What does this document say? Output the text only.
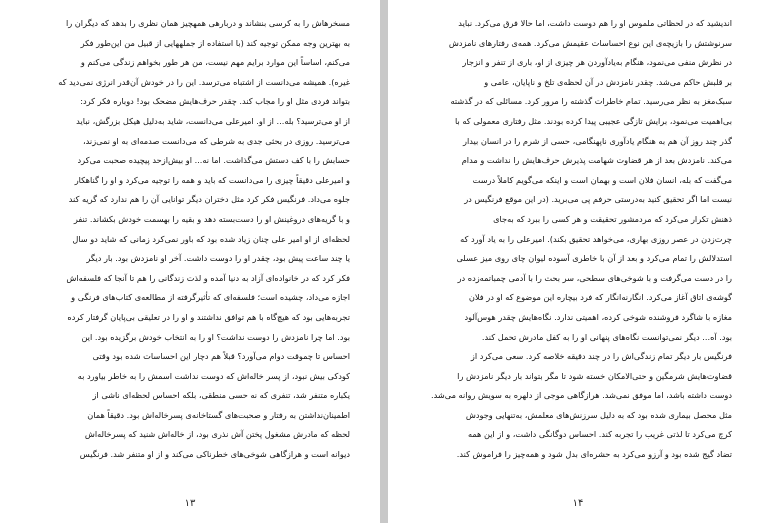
مسخرهاش را به کرسی بنشاند و دربارهی همهچیز همان نظری را بدهد که دیگران را
به بهترین وجه ممکن توجیه کند (با استفاده از جملههایی از قبیل من این‌طور فکر
می‌کنم، اساساً این موارد برایم مهم نیست، من هر طور بخواهم زندگی می‌کنم و
غیره). همیشه می‌دانست از اشتباه می‌ترسد. این را در خودش آن‌قدر انرژی نمی‌دید که
بتواند فردی مثل او را مجاب کند. چقدر حرف‌هایش مضحک بود! دوباره فکر کرد:
از او می‌ترسید؟ بله... از او. امیرعلی می‌دانست، شاید به‌دلیل هیکل بزرگش، نباید
می‌ترسید. روزی در بحثی جدی به شرطی که می‌دانست صدمه‌ای به او نمی‌زند،
حسابش را با کف دستش می‌گذاشت. اما نه... او بیش‌ازحد پیچیده صحبت می‌کرد
و امیرعلی دقیقاً چیزی را می‌دانست که باید و همه را توجیه می‌کرد و او را گناهکار
جلوه می‌داد. فرنگیس فکر کرد مثل دختران دیگر توانایی آن را هم ندارد که گریه کند
و با گریه‌های دروغینش او را دست‌بسته دهد و بقیه را بهسمت خودش بکشاند. تنفر
لحظه‌ای از او امیر علی چنان زیاد شده بود که باور نمی‌کرد زمانی که شاید دو سال
یا چند ساعت پیش بود، چقدر او را دوست داشت. آخر او نامزدش بود. بار دیگر
فکر کرد که در خانواده‌ای آزاد به دنیا آمده و لذت زندگانی را هم تا آنجا که فلسفه‌اش
اجازه می‌داد، چشیده است؛ فلسفه‌ای که تأثیرگرفته از مطالعه‌ی کتاب‌های فرنگی و
تجربه‌هایی بود که هیچ‌گاه با هم توافق نداشتند و او را در تعلیقی بی‌پایان گرفتار کرده
بود. اما چرا نامزدش را دوست نداشت؟ او را به انتخاب خودش برگزیده بود. این
احساس تا چموقت دوام می‌آورد؟ قبلاً هم دچار این احساسات شده بود وقتی
کودکی بیش نبود، از پسر خاله‌اش که دوست نداشت اسمش را به خاطر بیاورد به
یکباره متنفر شد، تنفری که نه حسی منطقی، بلکه احساس لحظه‌ای ناشی از
اطمینان‌نداشتن به رفتار و صحبت‌های گستاخانه‌ی پسرخاله‌اش بود. دقیقاً همان
لحظه که مادرش مشغول پختن آش نذری بود، از خاله‌اش شنید که پسرخاله‌اش
دیوانه است و هرازگاهی شوخی‌های خطرناکی می‌کند و از او متنفر شد. فرنگیس
١٣
اندیشید که در لحظاتی ملموس او را هم دوست داشت، اما حالا فرق می‌کرد. نباید
سرنوشتش را بازیچه‌ی این نوع احساسات عقیمش می‌کرد. همه‌ی رفتارهای نامزدش
در نظرش منفی می‌نمود، هنگام به‌یادآوردن هر چیزی از او، باری از تنفر و انزجار
بر قلبش حاکم می‌شد. چقدر نامزدش در آن لحظه‌ی تلخ و ناپایان، عامی و
سبک‌مغز به نظر می‌رسید. تمام خاطرات گذشته را مرور کرد. مسائلی که در گذشته
بی‌اهمیت می‌نمود، برایش تازگی عجیبی پیدا کرده بودند. مثل رفتاری معمولی که با
گذر چند روز آن هم به هنگام یادآوری ناپهنگامی، حسی از شرم را در انسان بیدار
می‌کند. نامزدش بعد از هر قضاوت شهامت پذیرش حرف‌هایش را نداشت و مدام
می‌گفت که بله، انسان فلان است و بهمان است و اینکه می‌گویم کاملاً درست
نیست اما اگر تحقیق کنید به‌درستی حرفم پی می‌برید. (در این موقع فرنگیس در
ذهنش تکرار می‌کرد که مردمشور تحقیقت و هر کسی را ببرد که به‌جای
چرت‌زدن در عصر روزی بهاری، می‌خواهد تحقیق بکند). امیرعلی را به یاد آورد که
استدلالش را تمام می‌کرد و بعد از آن با خاطری آسوده لیوان چای روی میز عسلی
را در دست می‌گرفت و با شوخی‌های سطحی، سر بحث را با آدمی چمباتمه‌زده در
گوشه‌ی اتاق آغاز می‌کرد. انگارنه‌انگار که فرد بیچاره این موضوع که او در فلان
مغازه با شاگرد فروشنده شوخی کرده، اهمیتی ندارد. نگاه‌هایش چقدر هوس‌آلود
بود. آه... دیگر نمی‌توانست نگاه‌های پنهانی او را به کفل مادرش تحمل کند.
فرنگیس بار دیگر تمام زندگی‌اش را در چند دقیقه خلاصه کرد. سعی می‌کرد از
قضاوت‌هایش شرمگین و حتی‌الامکان خسته شود تا مگر بتواند بار دیگر نامزدش را
دوست داشته باشد، اما موفق نمی‌شد. هرازگاهی موجی از دلهره به سویش روانه می‌شد.
مثل محصل بیماری شده بود که به دلیل سرزنش‌های معلمش، به‌تنهایی وجودش
کرچ می‌کرد تا لذتی غریب را تجربه کند. احساس دوگانگی داشت، و از این همه
تضاد گیج شده بود و آرزو می‌کرد به حشره‌ای بدل شود و همه‌چیز را فراموش کند.
١۴
